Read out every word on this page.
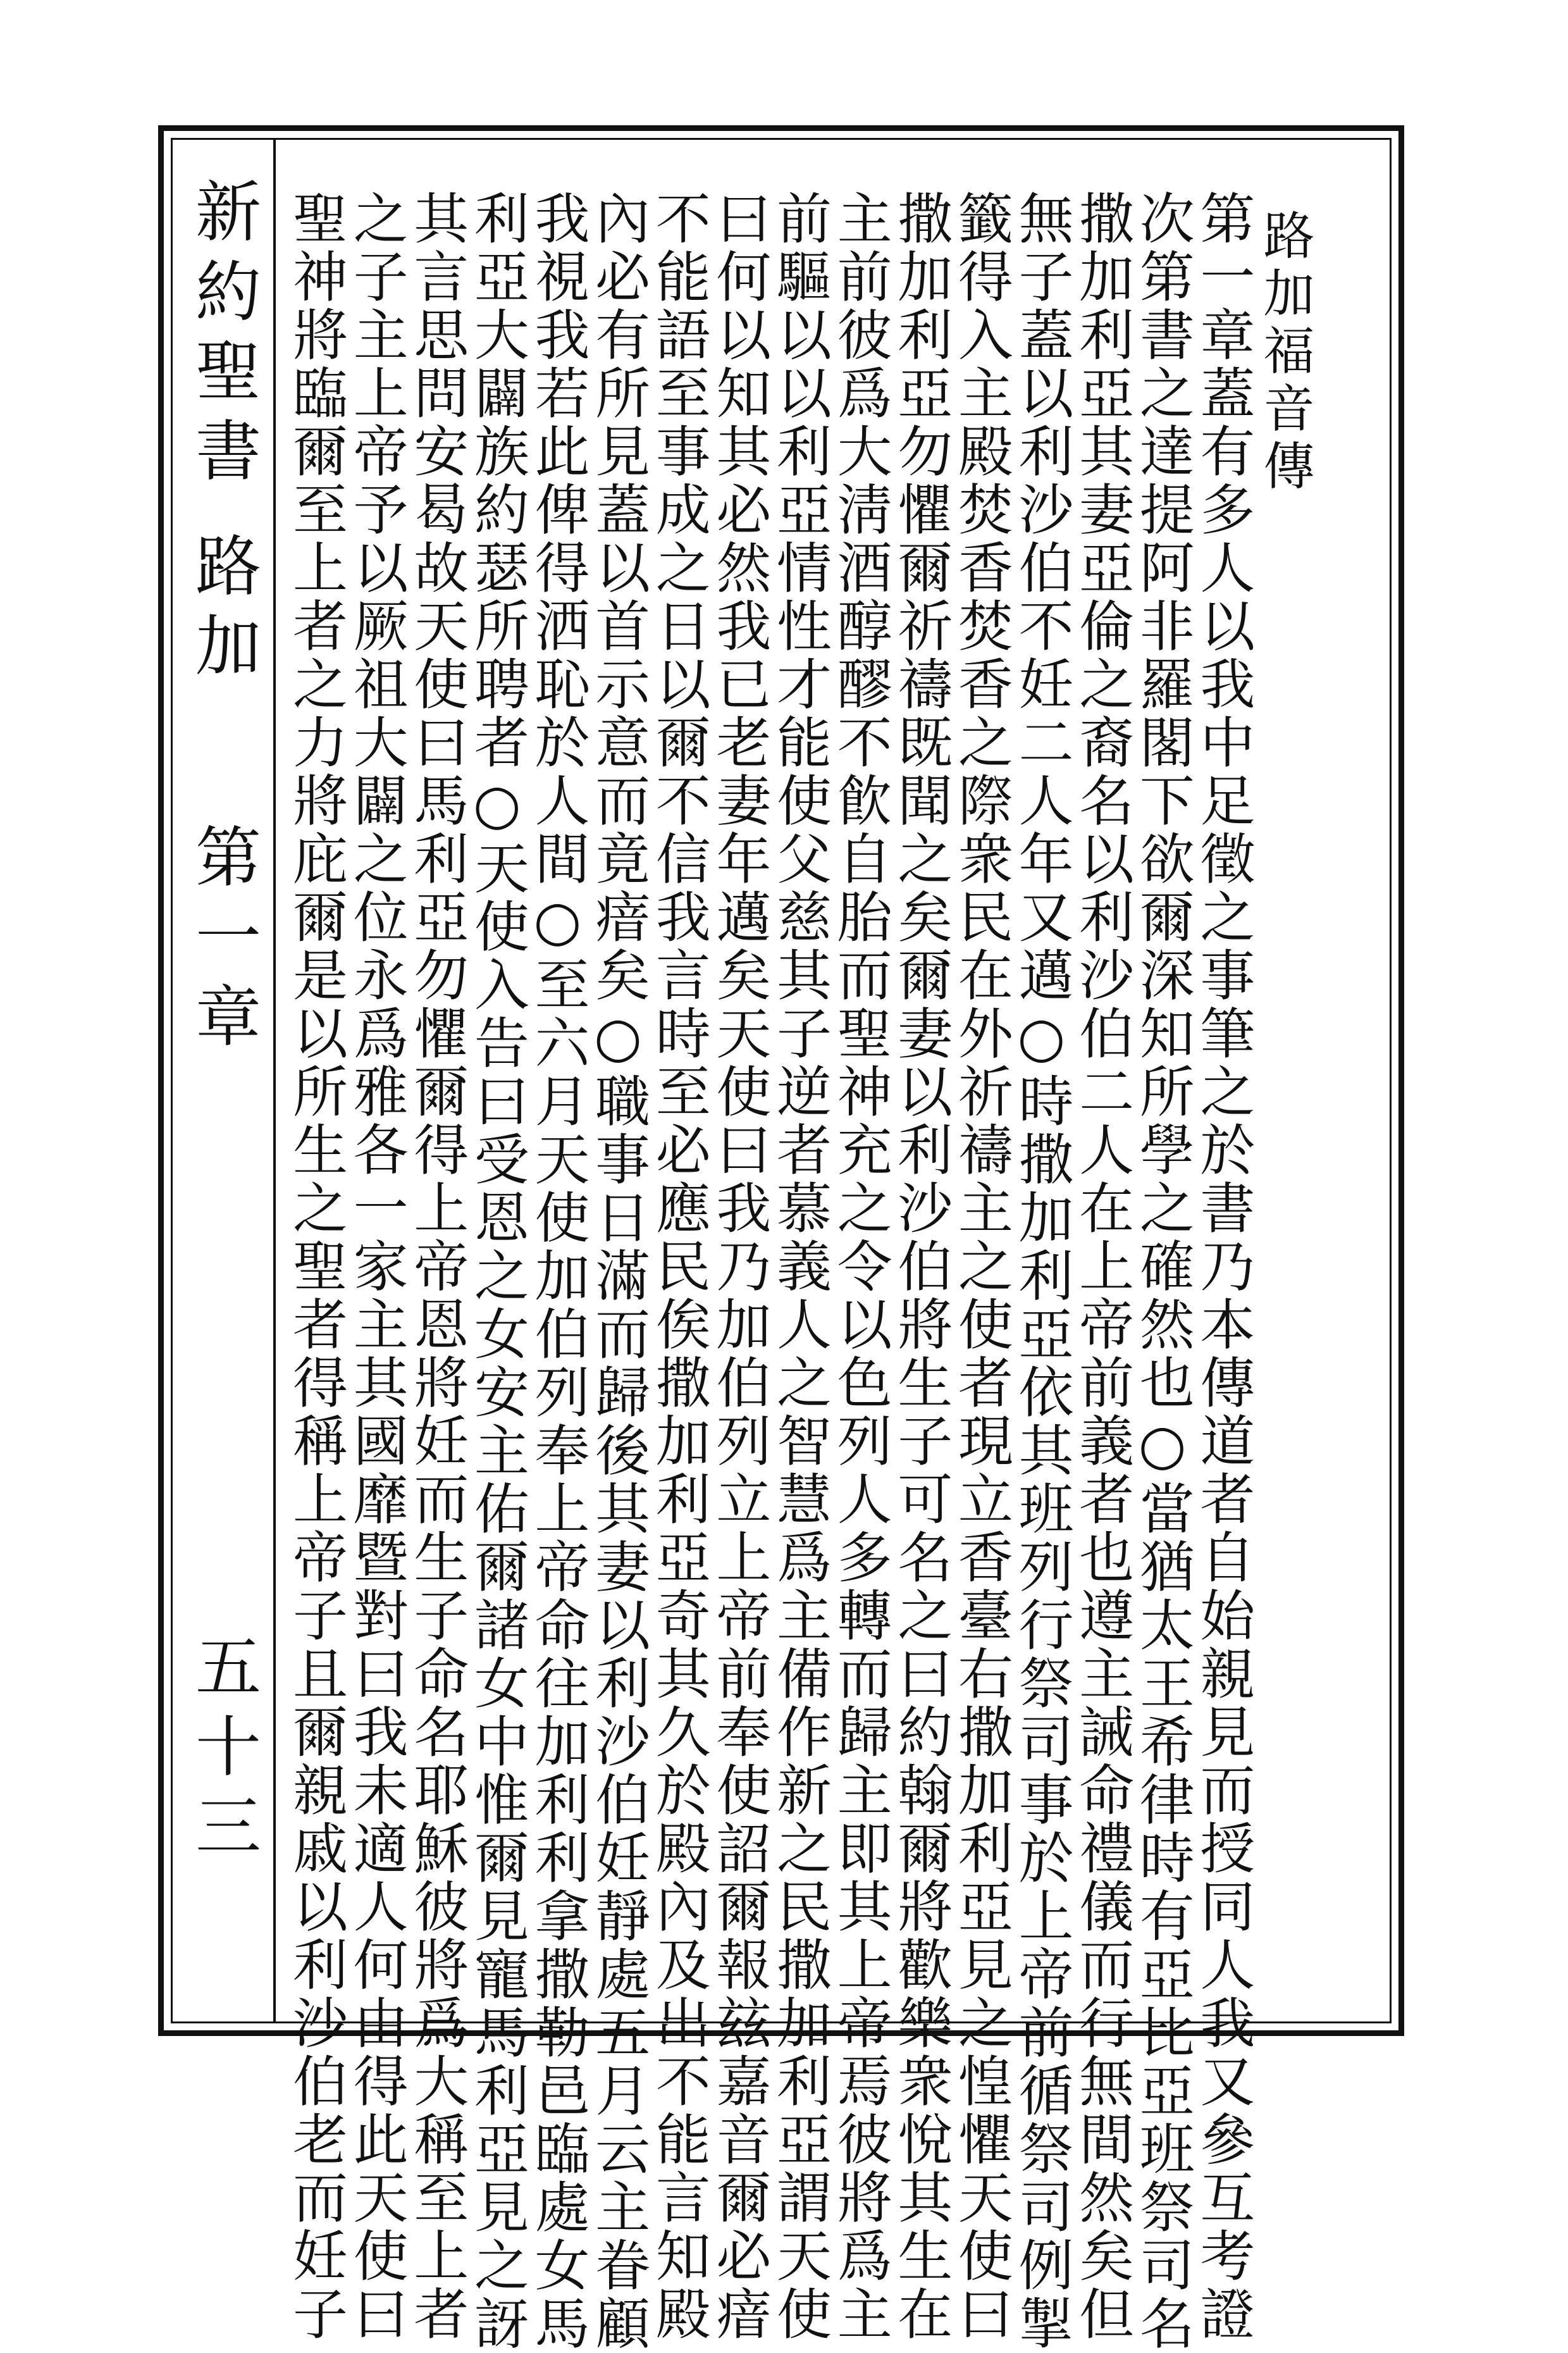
新約聖書
路加
第一章
五十三
路加福音傳
第一章蓋有多人以我中足徵之事筆之於書乃本傳道者自始親見而授同人我又參互考證
次第書之達提阿非羅閣下欲爾深知所學之確然也○當猶太王希律時有亞比亞班祭司名
撒加利亞其妻亞倫之裔名以利沙伯二人在上帝前義者也遵主誡命禮儀而行無間然矣但
無子蓋以利沙伯不妊二人年又邁○時撒加利亞依其班列行祭司事於上帝前循祭司例掣
籤得入主殿焚香焚香之際衆民在外祈禱主之使者現立香臺右撒加利亞見之惶懼天使曰
撒加利亞勿懼爾祈禱既聞之矣爾妻以利沙伯將生子可名之曰約翰爾將歡樂衆悅其生在
主前彼爲大淸酒醇醪不飮自胎而聖神充之令以色列人多轉而歸主即其上帝焉彼將爲主
前驅以以利亞情性才能使父慈其子逆者慕義人之智慧爲主備作新之民撒加利亞謂天使
曰何以知其必然我已老妻年邁矣天使曰我乃加伯列立上帝前奉使詔爾報玆嘉音爾必瘖
不能語至事成之日以爾不信我言時至必應民俟撒加利亞奇其久於殿內及出不能言知殿
內必有所見蓋以首示意而竟瘖矣○職事日滿而歸後其妻以利沙伯妊靜處五月云主眷顧
我視我若此俾得洒恥於人間○至六月天使加伯列奉上帝命往加利利拿撒勒邑臨處女馬
利亞大闢族約瑟所聘者○天使入告曰受恩之女安主佑爾諸女中惟爾見寵馬利亞見之訝
其言思問安曷故天使曰馬利亞勿懼爾得上帝恩將妊而生子命名耶穌彼將爲大稱至上者
之子主上帝予以厥祖大闢之位永爲雅各一家主其國靡暨對曰我未適人何由得此天使曰
聖神將臨爾至上者之力將庇爾是以所生之聖者得稱上帝子且爾親戚以利沙伯老而妊子
